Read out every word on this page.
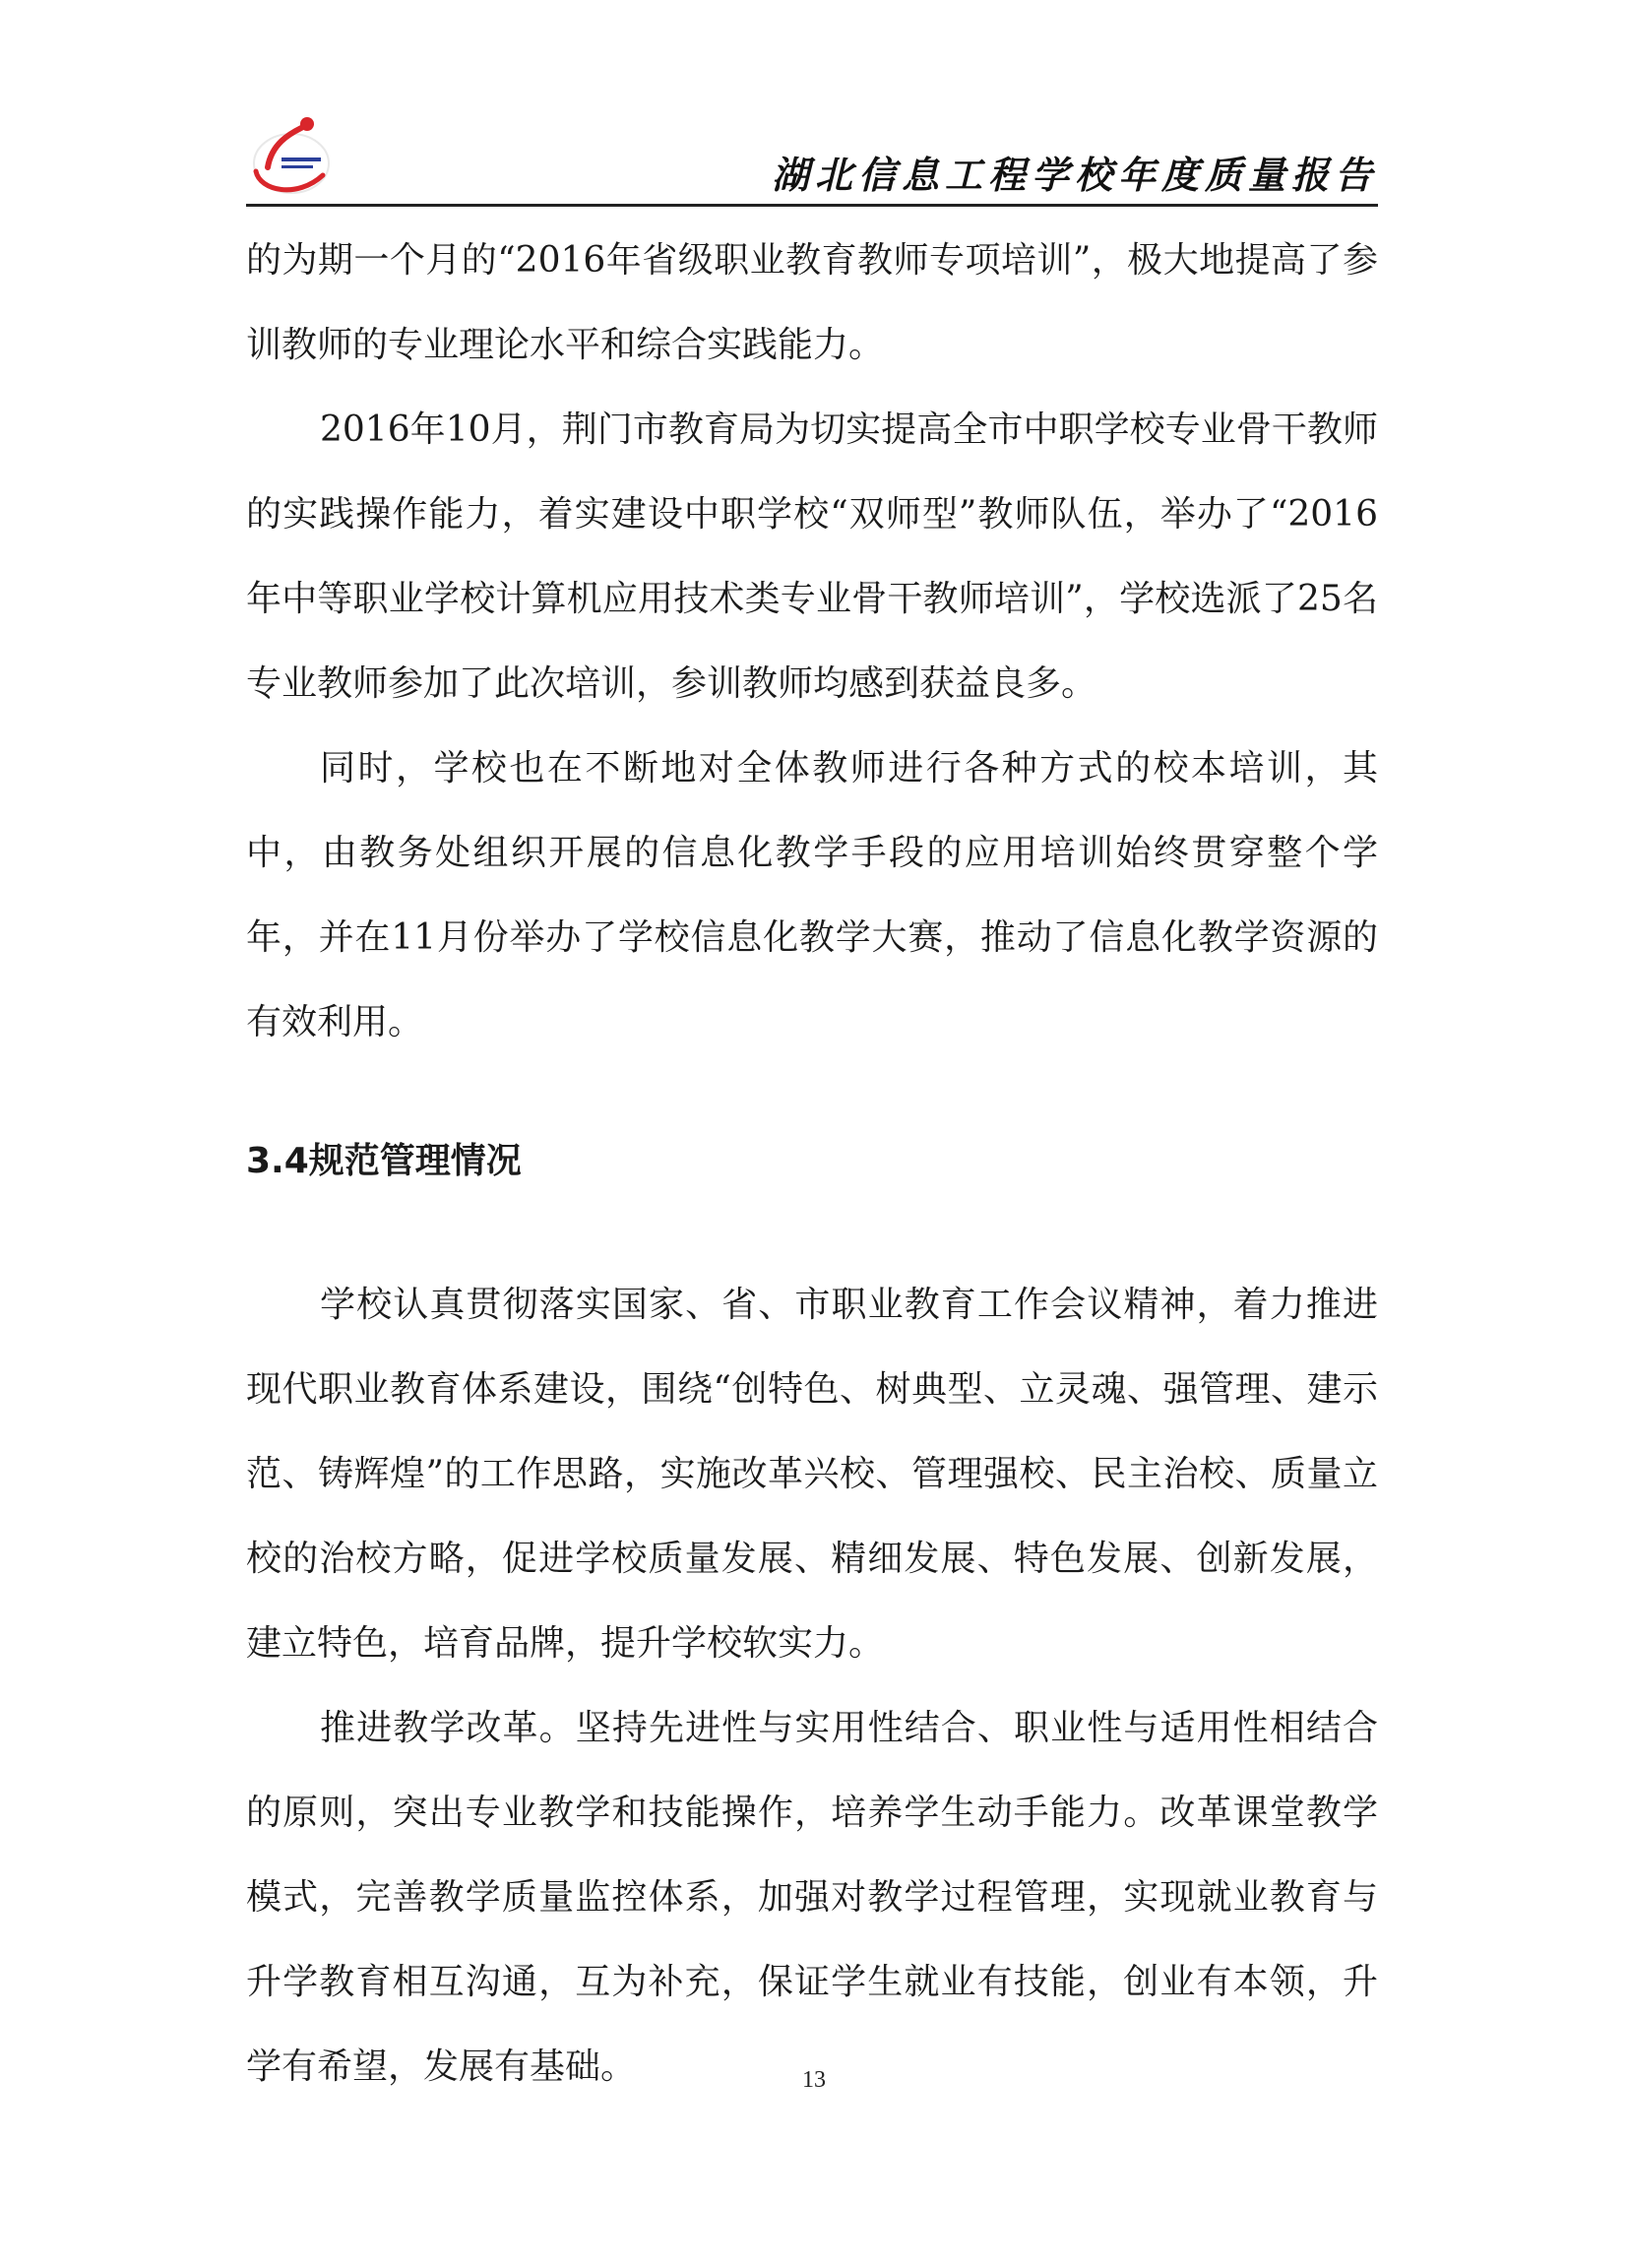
湖北信息工程学校年度质量报告

的为期一个月的“2016年省级职业教育教师专项培训”，极大地提高了参训教师的专业理论水平和综合实践能力。

2016年10月，荆门市教育局为切实提高全市中职学校专业骨干教师的实践操作能力，着实建设中职学校“双师型”教师队伍，举办了“2016年中等职业学校计算机应用技术类专业骨干教师培训”，学校选派了25名专业教师参加了此次培训，参训教师均感到获益良多。

同时，学校也在不断地对全体教师进行各种方式的校本培训，其中，由教务处组织开展的信息化教学手段的应用培训始终贯穿整个学年，并在11月份举办了学校信息化教学大赛，推动了信息化教学资源的有效利用。

3.4规范管理情况

学校认真贯彻落实国家、省、市职业教育工作会议精神，着力推进现代职业教育体系建设，围绕“创特色、树典型、立灵魂、强管理、建示范、铸辉煌”的工作思路，实施改革兴校、管理强校、民主治校、质量立校的治校方略，促进学校质量发展、精细发展、特色发展、创新发展，建立特色，培育品牌，提升学校软实力。

推进教学改革。坚持先进性与实用性结合、职业性与适用性相结合的原则，突出专业教学和技能操作，培养学生动手能力。改革课堂教学模式，完善教学质量监控体系，加强对教学过程管理，实现就业教育与升学教育相互沟通，互为补充，保证学生就业有技能，创业有本领，升学有希望，发展有基础。	13
